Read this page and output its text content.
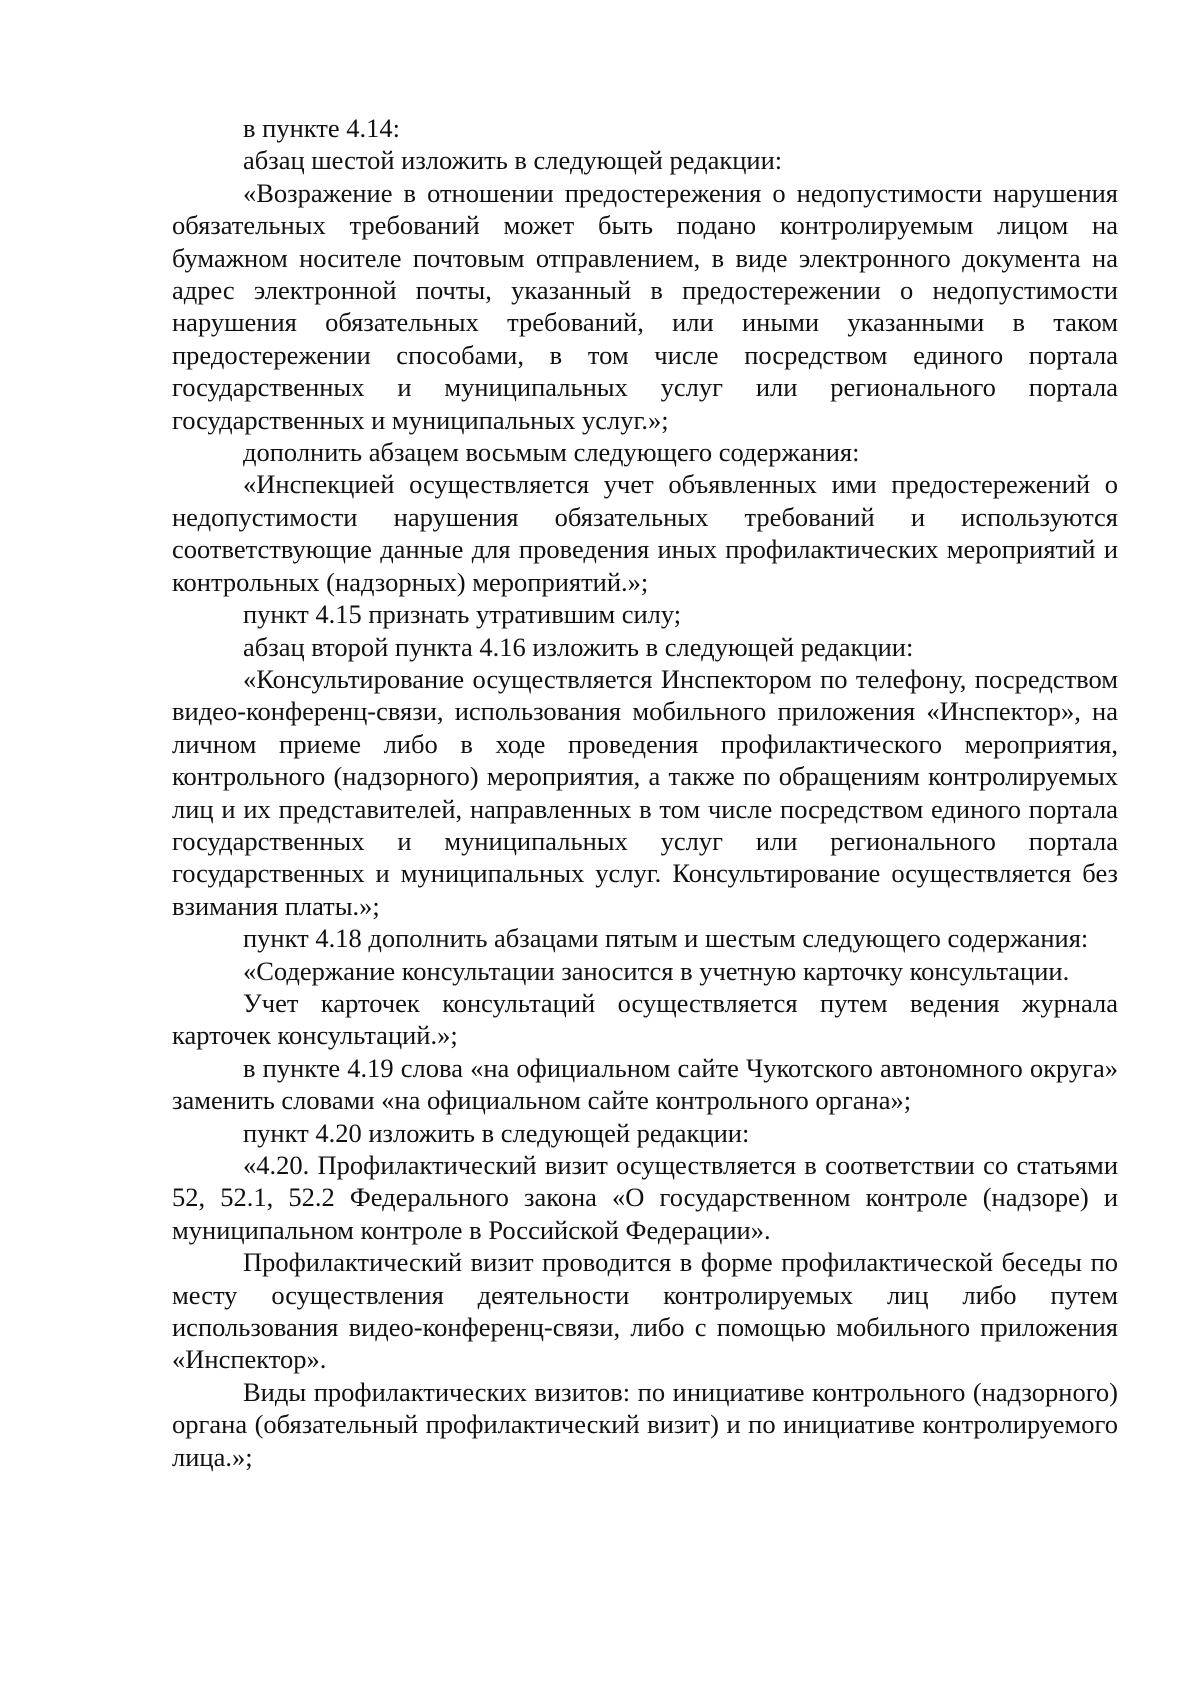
в пункте 4.14:

абзац шестой изложить в следующей редакции:

«Возражение в отношении предостережения о недопустимости нарушения обязательных требований может быть подано контролируемым лицом на бумажном носителе почтовым отправлением, в виде электронного документа на адрес электронной почты, указанный в предостережении о недопустимости нарушения обязательных требований, или иными указанными в таком предостережении способами, в том числе посредством единого портала государственных и муниципальных услуг или регионального портала государственных и муниципальных услуг.»;

дополнить абзацем восьмым следующего содержания:

«Инспекцией осуществляется учет объявленных ими предостережений о недопустимости нарушения обязательных требований и используются соответствующие данные для проведения иных профилактических мероприятий и контрольных (надзорных) мероприятий.»;

пункт 4.15 признать утратившим силу;

абзац второй пункта 4.16 изложить в следующей редакции:

«Консультирование осуществляется Инспектором по телефону, посредством видео-конференц-связи, использования мобильного приложения «Инспектор», на личном приеме либо в ходе проведения профилактического мероприятия, контрольного (надзорного) мероприятия, а также по обращениям контролируемых лиц и их представителей, направленных в том числе посредством единого портала государственных и муниципальных услуг или регионального портала государственных и муниципальных услуг. Консультирование осуществляется без взимания платы.»;

пункт 4.18 дополнить абзацами пятым и шестым следующего содержания:

«Содержание консультации заносится в учетную карточку консультации.

Учет карточек консультаций осуществляется путем ведения журнала карточек консультаций.»;

в пункте 4.19 слова «на официальном сайте Чукотского автономного округа» заменить словами «на официальном сайте контрольного органа»;

пункт 4.20 изложить в следующей редакции:

«4.20. Профилактический визит осуществляется в соответствии со статьями 52, 52.1, 52.2 Федерального закона «О государственном контроле (надзоре) и муниципальном контроле в Российской Федерации».

Профилактический визит проводится в форме профилактической беседы по месту осуществления деятельности контролируемых лиц либо путем использования видео-конференц-связи, либо с помощью мобильного приложения «Инспектор».

Виды профилактических визитов: по инициативе контрольного (надзорного) органа (обязательный профилактический визит) и по инициативе контролируемого лица.»;
